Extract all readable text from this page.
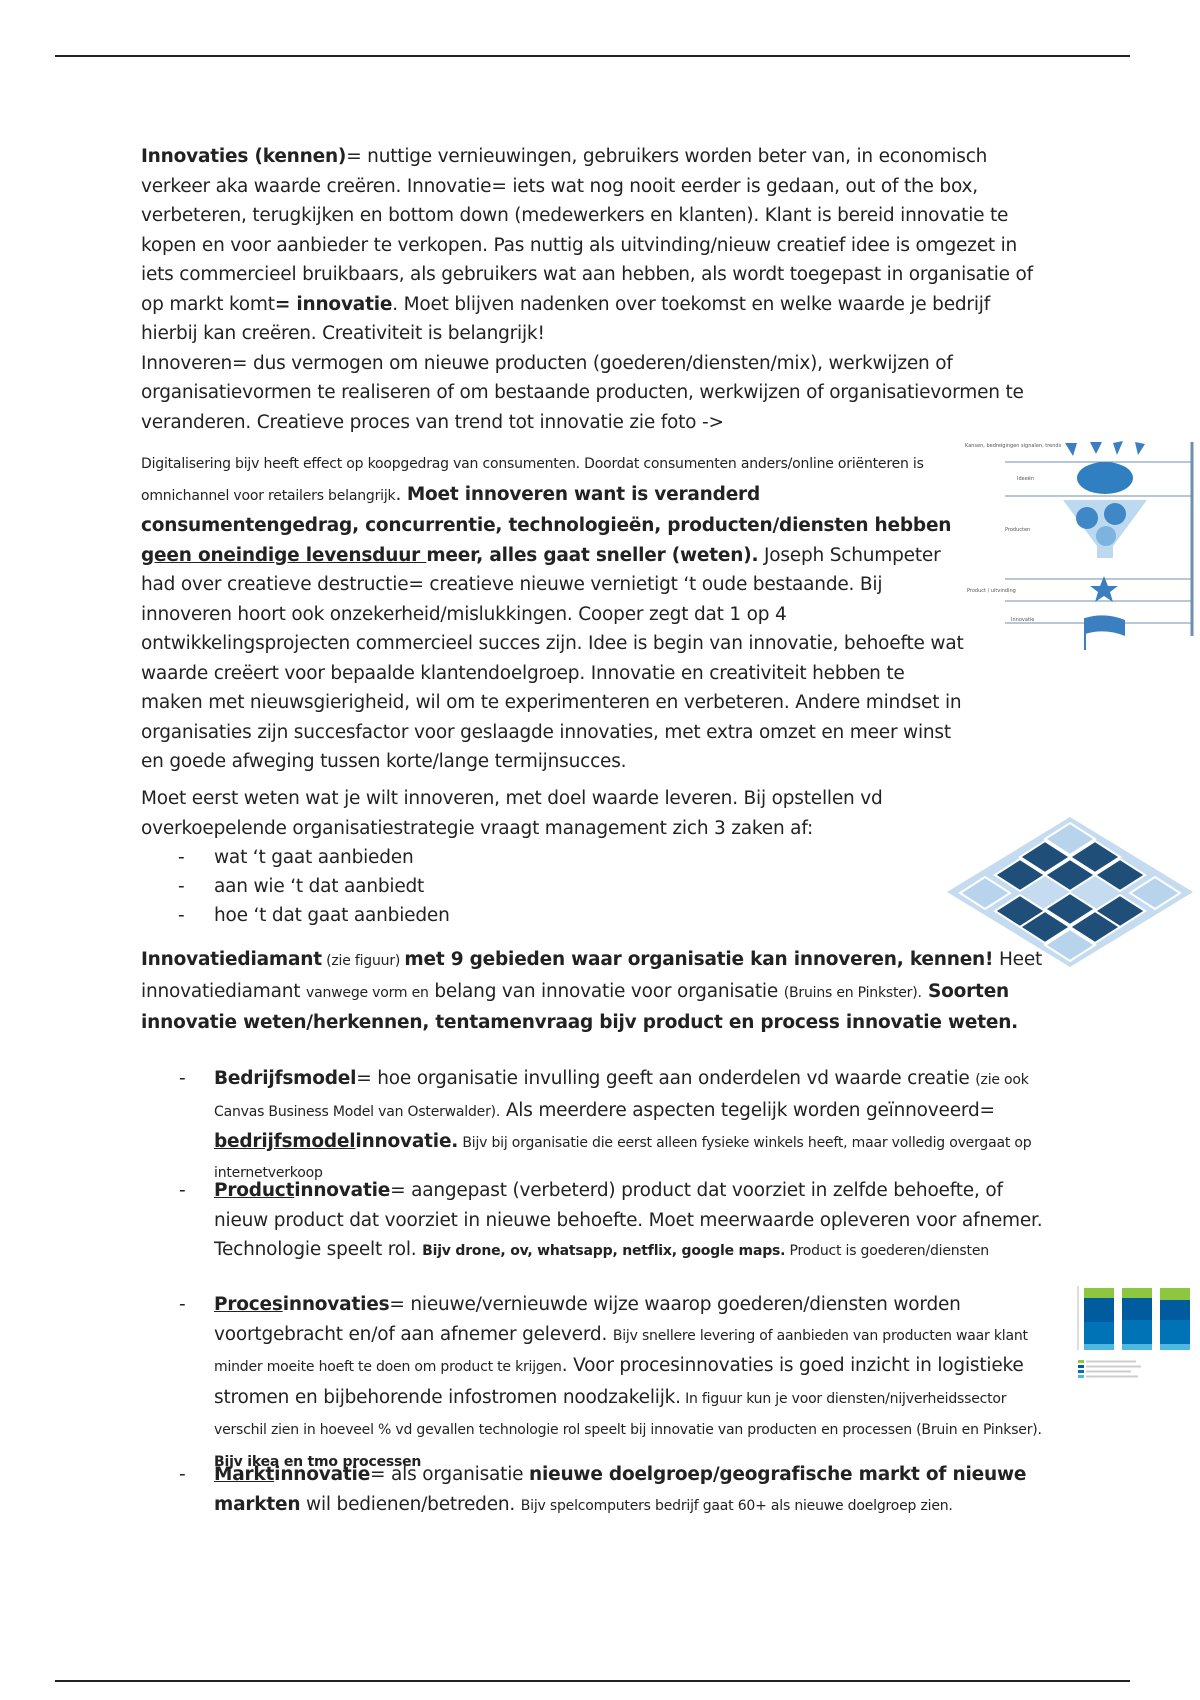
Innovaties (kennen)= nuttige vernieuwingen, gebruikers worden beter van, in economisch verkeer aka waarde creëren. Innovatie= iets wat nog nooit eerder is gedaan, out of the box, verbeteren, terugkijken en bottom down (medewerkers en klanten). Klant is bereid innovatie te kopen en voor aanbieder te verkopen. Pas nuttig als uitvinding/nieuw creatief idee is omgezet in iets commercieel bruikbaars, als gebruikers wat aan hebben, als wordt toegepast in organisatie of op markt komt= innovatie. Moet blijven nadenken over toekomst en welke waarde je bedrijf hierbij kan creëren. Creativiteit is belangrijk!
Innoveren= dus vermogen om nieuwe producten (goederen/diensten/mix), werkwijzen of organisatievormen te realiseren of om bestaande producten, werkwijzen of organisatievormen te veranderen. Creatieve proces van trend tot innovatie zie foto ->
Digitalisering bijv heeft effect op koopgedrag van consumenten. Doordat consumenten anders/online oriënteren is omnichannel voor retailers belangrijk. Moet innoveren want is veranderd consumentengedrag, concurrentie, technologieën, producten/diensten hebben geen oneindige levensduur meer, alles gaat sneller (weten). Joseph Schumpeter had over creatieve destructie= creatieve nieuwe vernietigt ‘t oude bestaande. Bij innoveren hoort ook onzekerheid/mislukkingen. Cooper zegt dat 1 op 4 ontwikkelingsprojecten commercieel succes zijn. Idee is begin van innovatie, behoefte wat waarde creëert voor bepaalde klantendoelgroep. Innovatie en creativiteit hebben te maken met nieuwsgierigheid, wil om te experimenteren en verbeteren. Andere mindset in organisaties zijn succesfactor voor geslaagde innovaties, met extra omzet en meer winst en goede afweging tussen korte/lange termijnsucces.
Kansen, bedreigingen signalen, trends
Ideeën
Producten
Product / uitvinding
Innovatie
Moet eerst weten wat je wilt innoveren, met doel waarde leveren. Bij opstellen vd overkoepelende organisatiestrategie vraagt management zich 3 zaken af:
- wat ‘t gaat aanbieden
- aan wie ‘t dat aanbiedt
- hoe ‘t dat gaat aanbieden
Innovatiediamant (zie figuur) met 9 gebieden waar organisatie kan innoveren, kennen! Heet innovatiediamant vanwege vorm en belang van innovatie voor organisatie (Bruins en Pinkster). Soorten innovatie weten/herkennen, tentamenvraag bijv product en process innovatie weten.
- Bedrijfsmodel= hoe organisatie invulling geeft aan onderdelen vd waarde creatie (zie ook Canvas Business Model van Osterwalder). Als meerdere aspecten tegelijk worden geïnnoveerd= bedrijfsmodelinnovatie. Bijv bij organisatie die eerst alleen fysieke winkels heeft, maar volledig overgaat op internetverkoop
- Productinnovatie= aangepast (verbeterd) product dat voorziet in zelfde behoefte, of nieuw product dat voorziet in nieuwe behoefte. Moet meerwaarde opleveren voor afnemer. Technologie speelt rol. Bijv drone, ov, whatsapp, netflix, google maps. Product is goederen/diensten
- Procesinnovaties= nieuwe/vernieuwde wijze waarop goederen/diensten worden voortgebracht en/of aan afnemer geleverd. Bijv snellere levering of aanbieden van producten waar klant minder moeite hoeft te doen om product te krijgen. Voor procesinnovaties is goed inzicht in logistieke stromen en bijbehorende infostromen noodzakelijk. In figuur kun je voor diensten/nijverheidssector verschil zien in hoeveel % vd gevallen technologie rol speelt bij innovatie van producten en processen (Bruin en Pinkser). Bijv ikea en tmo processen
- Marktinnovatie= als organisatie nieuwe doelgroep/geografische markt of nieuwe markten wil bedienen/betreden. Bijv spelcomputers bedrijf gaat 60+ als nieuwe doelgroep zien.
